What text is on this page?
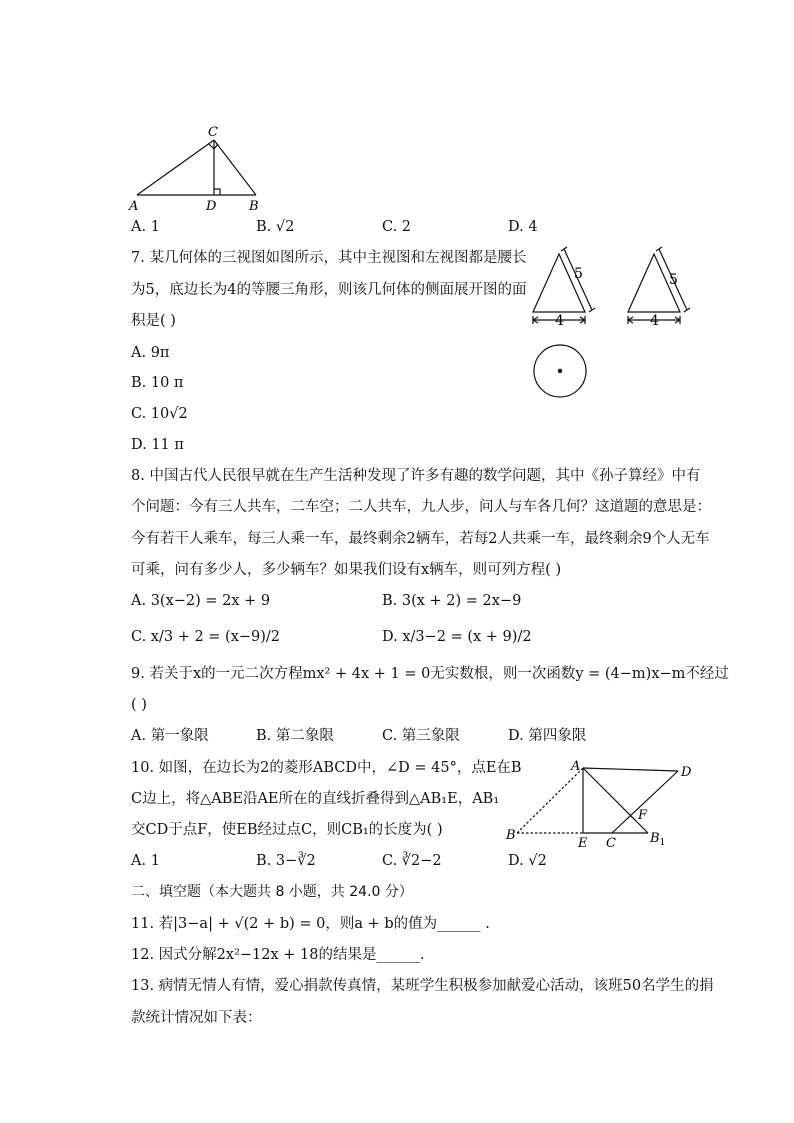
C
A	D	B
A. 1	B. √2	C. 2	D. 4
7. 某几何体的三视图如图所示，其中主视图和左视图都是腰长
为5，底边长为4的等腰三角形，则该几何体的侧面展开图的面
积是( )
A. 9π
B. 10 π
C. 10√2
D. 11 π
5
4
5
4
8. 中国古代人民很早就在生产生活种发现了许多有趣的数学问题，其中《孙子算经》中有
个问题：今有三人共车，二车空；二人共车，九人步，问人与车各几何？这道题的意思是：
今有若干人乘车，每三人乘一车，最终剩余2辆车，若每2人共乘一车，最终剩余9个人无车
可乘，问有多少人，多少辆车？如果我们设有x辆车，则可列方程( )
A. 3(x−2) = 2x + 9	B. 3(x + 2) = 2x−9
C. x/3 + 2 = (x−9)/2	D. x/3−2 = (x + 9)/2
9. 若关于x的一元二次方程mx² + 4x + 1 = 0无实数根，则一次函数y = (4−m)x−m不经过
( )
A. 第一象限	B. 第二象限	C. 第三象限	D. 第四象限
10. 如图，在边长为2的菱形ABCD中，∠D = 45°，点E在B
C边上，将△ABE沿AE所在的直线折叠得到△AB₁E，AB₁
交CD于点F，使EB经过点C，则CB₁的长度为( )
A. 1	B. 3−∛2	C. ∛2−2	D. √2
A	D
F
B
E C	$B_1$
二、填空题（本大题共 8 小题，共 24.0 分）
11. 若|3−a| + √(2 + b) = 0，则a + b的值为______ .
12. 因式分解2x²−12x + 18的结果是______.
13. 病情无情人有情，爱心捐款传真情，某班学生积极参加献爱心活动，该班50名学生的捐
款统计情况如下表：
